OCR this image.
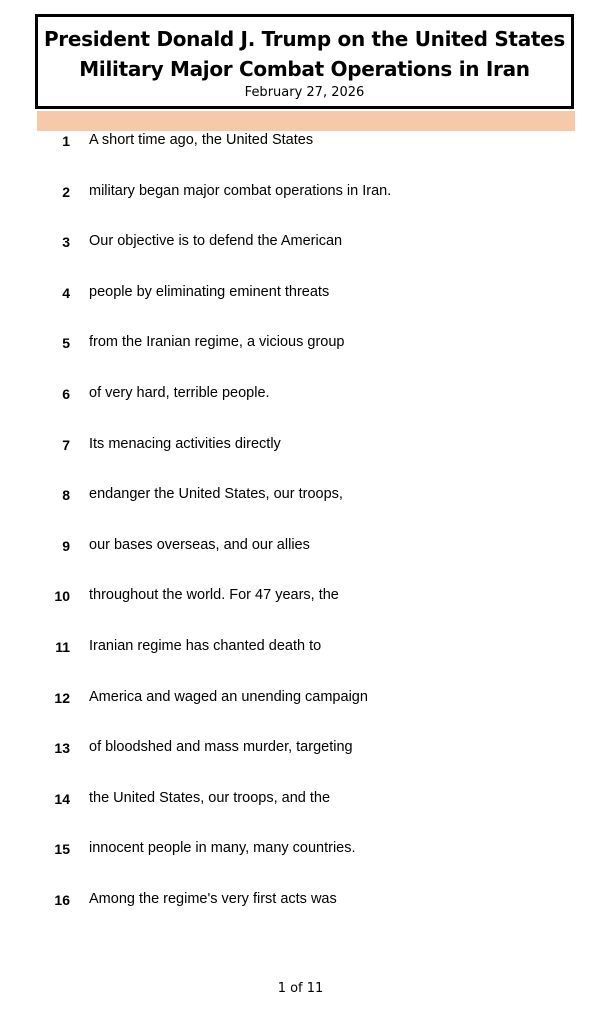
President Donald J. Trump on the United States
Military Major Combat Operations in Iran
February 27, 2026
1 A short time ago, the United States
2 military began major combat operations in Iran.
3 Our objective is to defend the American
4 people by eliminating eminent threats
5 from the Iranian regime, a vicious group
6 of very hard, terrible people.
7 Its menacing activities directly
8 endanger the United States, our troops,
9 our bases overseas, and our allies
10 throughout the world. For 47 years, the
11 Iranian regime has chanted death to
12 America and waged an unending campaign
13 of bloodshed and mass murder, targeting
14 the United States, our troops, and the
15 innocent people in many, many countries.
16 Among the regime's very first acts was
1 of 11
